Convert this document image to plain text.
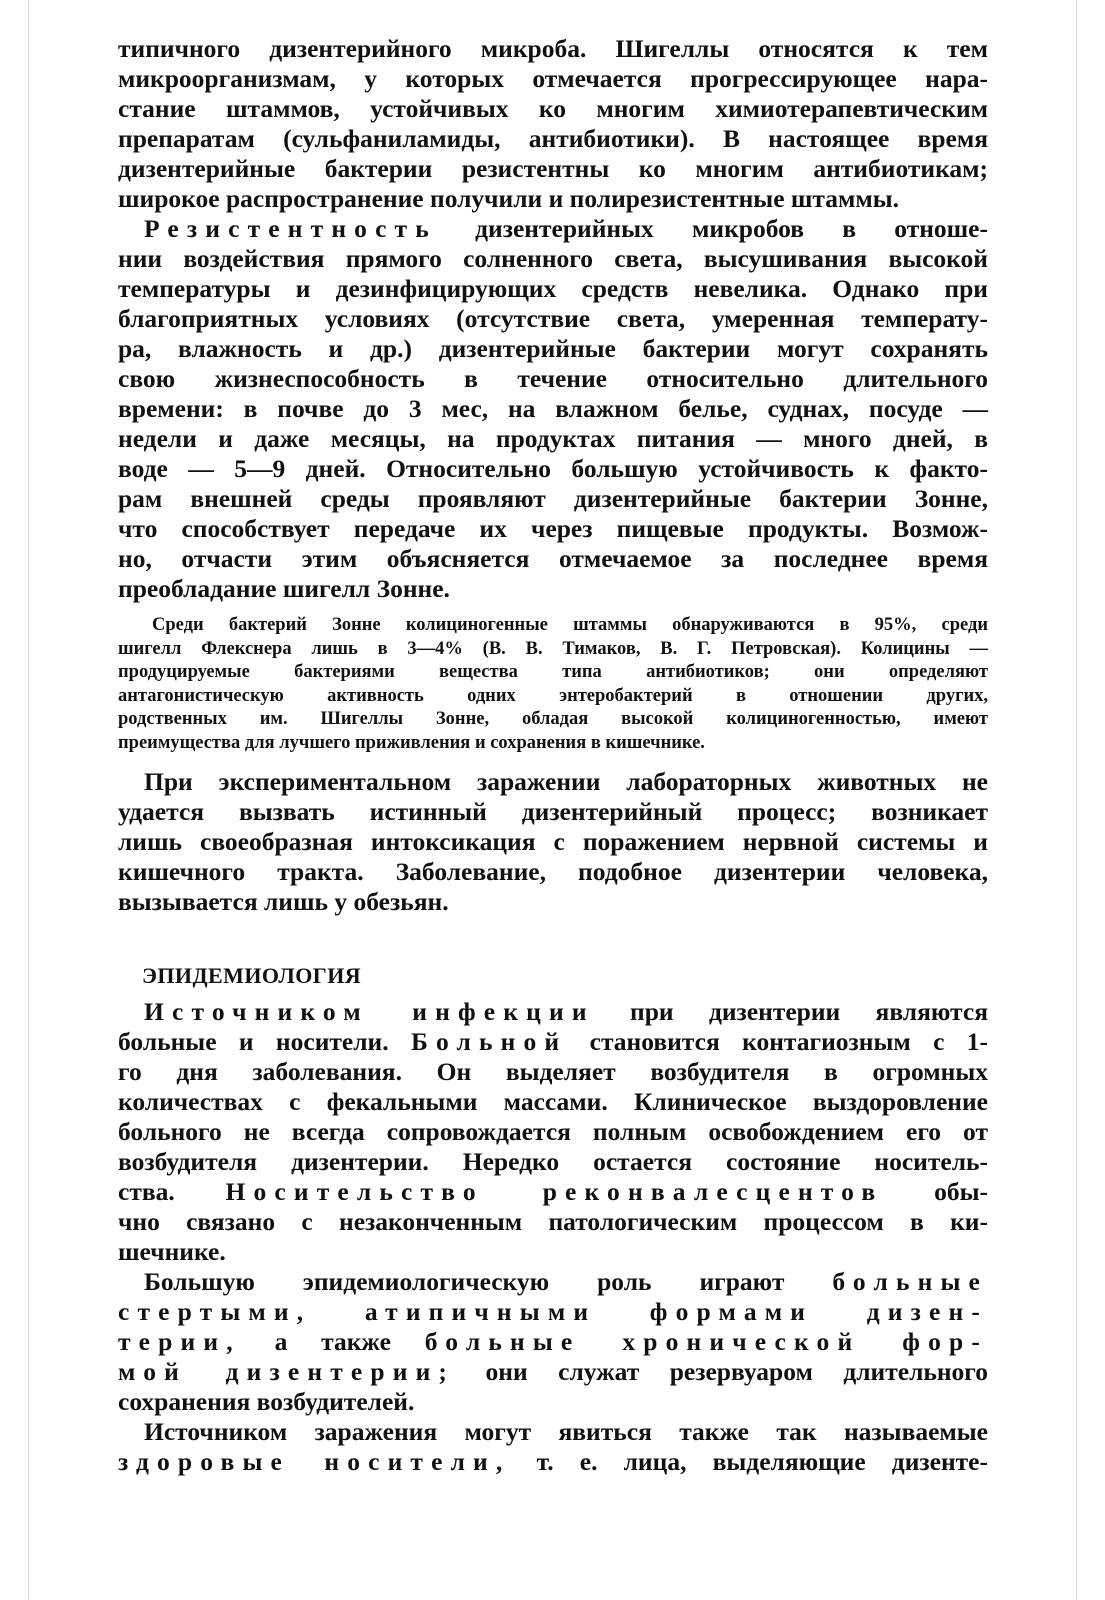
типичного дизентерийного микроба. Шигеллы относятся к тем
микроорганизмам, у которых отмечается прогрессирующее нара-
стание штаммов, устойчивых ко многим химиотерапевтическим
препаратам (сульфаниламиды, антибиотики). В настоящее время
дизентерийные бактерии резистентны ко многим антибиотикам;
широкое распространение получили и полирезистентные штаммы.

Резистентность дизентерийных микробов в отноше-
нии воздействия прямого солненного света, высушивания высокой
температуры и дезинфицирующих средств невелика. Однако при
благоприятных условиях (отсутствие света, умеренная температу-
ра, влажность и др.) дизентерийные бактерии могут сохранять
свою жизнеспособность в течение относительно длительного
времени: в почве до 3 мес, на влажном белье, суднах, посуде —
недели и даже месяцы, на продуктах питания — много дней, в
воде — 5—9 дней. Относительно большую устойчивость к факто-
рам внешней среды проявляют дизентерийные бактерии Зонне,
что способствует передаче их через пищевые продукты. Возмож-
но, отчасти этим объясняется отмечаемое за последнее время
преобладание шигелл Зонне.

Среди бактерий Зонне колициногенные штаммы обнаруживаются в 95%, среди
шигелл Флекснера лишь в 3—4% (В. В. Тимаков, В. Г. Петровская). Колицины —
продуцируемые бактериями вещества типа антибиотиков; они определяют
антагонистическую активность одних энтеробактерий в отношении других,
родственных им. Шигеллы Зонне, обладая высокой колициногенностью, имеют
преимущества для лучшего приживления и сохранения в кишечнике.

При экспериментальном заражении лабораторных животных не
удается вызвать истинный дизентерийный процесс; возникает
лишь своеобразная интоксикация с поражением нервной системы и
кишечного тракта. Заболевание, подобное дизентерии человека,
вызывается лишь у обезьян.

ЭПИДЕМИОЛОГИЯ

Источником инфекции при дизентерии являются
больные и носители. Больной становится контагиозным с 1-
го дня заболевания. Он выделяет возбудителя в огромных
количествах с фекальными массами. Клиническое выздоровление
больного не всегда сопровождается полным освобождением его от
возбудителя дизентерии. Нередко остается состояние носитель-
ства. Носительство реконвалесцентов обы-
чно связано с незаконченным патологическим процессом в ки-
шечнике.

Большую эпидемиологическую роль играют больные
стертыми, атипичными формами дизен-
терии, а также больные хронической фор-
мой дизентерии; они служат резервуаром длительного
сохранения возбудителей.

Источником заражения могут явиться также так называемые
здоровые носители, т. е. лица, выделяющие дизенте-
